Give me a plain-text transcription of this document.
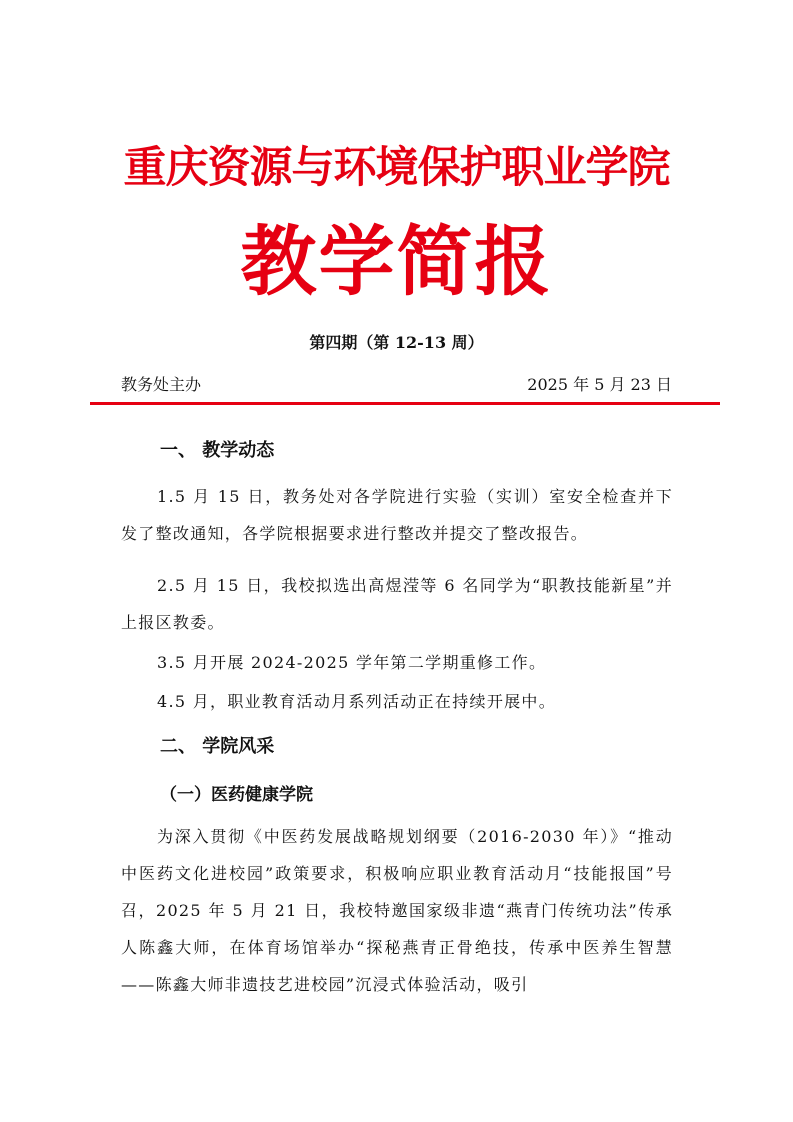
重庆资源与环境保护职业学院
教学简报
第四期（第 12-13 周）
教务处主办	2025 年 5 月 23 日
一、 教学动态
1.5 月 15 日，教务处对各学院进行实验（实训）室安全检查并下发了整改通知，各学院根据要求进行整改并提交了整改报告。
2.5 月 15 日，我校拟选出高煜滢等 6 名同学为“职教技能新星”并上报区教委。
3.5 月开展 2024-2025 学年第二学期重修工作。
4.5 月，职业教育活动月系列活动正在持续开展中。
二、 学院风采
（一）医药健康学院
为深入贯彻《中医药发展战略规划纲要（2016-2030 年）》“推动中医药文化进校园”政策要求，积极响应职业教育活动月“技能报国”号召，2025 年 5 月 21 日，我校特邀国家级非遗“燕青门传统功法”传承人陈鑫大师，在体育场馆举办“探秘燕青正骨绝技，传承中医养生智慧——陈鑫大师非遗技艺进校园”沉浸式体验活动，吸引
